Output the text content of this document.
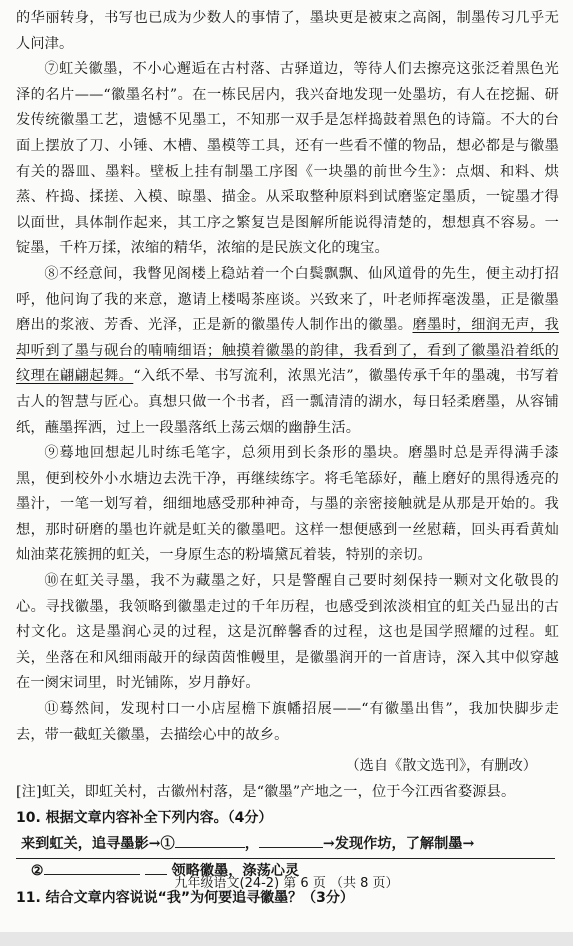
的华丽转身，书写也已成为少数人的事情了，墨块更是被束之高阁，制墨传习几乎无人问津。

⑦虹关徽墨，不小心邂逅在古村落、古驿道边，等待人们去擦亮这张泛着黑色光泽的名片——“徽墨名村”。在一栋民居内，我兴奋地发现一处墨坊，有人在挖掘、研发传统徽墨工艺，遗憾不见墨工，不知那一双手是怎样捣鼓着黑色的诗篇。不大的台面上摆放了刀、小锤、木槽、墨模等工具，还有一些看不懂的物品，想必都是与徽墨有关的器皿、墨料。壁板上挂有制墨工序图《一块墨的前世今生》：点烟、和料、烘蒸、杵捣、揉搓、入模、晾墨、描金。从采取整种原料到试磨鉴定墨质，一锭墨才得以面世，具体制作起来，其工序之繁复岂是图解所能说得清楚的，想想真不容易。一锭墨，千杵万揉，浓缩的精华，浓缩的是民族文化的瑰宝。

⑧不经意间，我瞥见阁楼上稳站着一个白鬓飘飘、仙风道骨的先生，便主动打招呼，他问询了我的来意，邀请上楼喝茶座谈。兴致来了，叶老师挥毫泼墨，正是徽墨磨出的浆液、芳香、光泽，正是新的徽墨传人制作出的徽墨。磨墨时，细润无声，我却听到了墨与砚台的喃喃细语；触摸着徽墨的韵律，我看到了，看到了徽墨沿着纸的纹理在翩翩起舞。“入纸不晕、书写流利，浓黑光洁”，徽墨传承千年的墨魂，书写着古人的智慧与匠心。真想只做一个书者，舀一瓢清清的湖水，每日轻柔磨墨，从容铺纸，蘸墨挥洒，过上一段墨落纸上荡云烟的幽静生活。

⑨蓦地回想起儿时练毛笔字，总须用到长条形的墨块。磨墨时总是弄得满手漆黑，便到校外小水塘边去洗干净，再继续练字。将毛笔舔好，蘸上磨好的黑得透亮的墨汁，一笔一划写着，细细地感受那种神奇，与墨的亲密接触就是从那是开始的。我想，那时研磨的墨也许就是虹关的徽墨吧。这样一想便感到一丝慰藉，回头再看黄灿灿油菜花簇拥的虹关，一身原生态的粉墙黛瓦着装，特别的亲切。

⑩在虹关寻墨，我不为藏墨之好，只是警醒自己要时刻保持一颗对文化敬畏的心。寻找徽墨，我领略到徽墨走过的千年历程，也感受到浓淡相宜的虹关凸显出的古村文化。这是墨润心灵的过程，这是沉醉馨香的过程，这也是国学照耀的过程。虹关，坐落在和风细雨敲开的绿茵茵惟幔里，是徽墨润开的一首唐诗，深入其中似穿越在一阕宋词里，时光铺陈，岁月静好。

⑪蓦然间，发现村口一小店屋檐下旗幡招展——“有徽墨出售”，我加快脚步走去，带一截虹关徽墨，去描绘心中的故乡。

（选自《散文选刊》，有删改）

[注]虹关，即虹关村，古徽州村落，是“徽墨”产地之一，位于今江西省婺源县。

10. 根据文章内容补全下列内容。（4分）

来到虹关，追寻墨影→①	，	→发现作坊，了解制墨→

②	领略徽墨，涤荡心灵

11. 结合文章内容说说“我”为何要追寻徽墨？（3分）

九年级语文(24-2) 第 6 页 （共 8 页）
